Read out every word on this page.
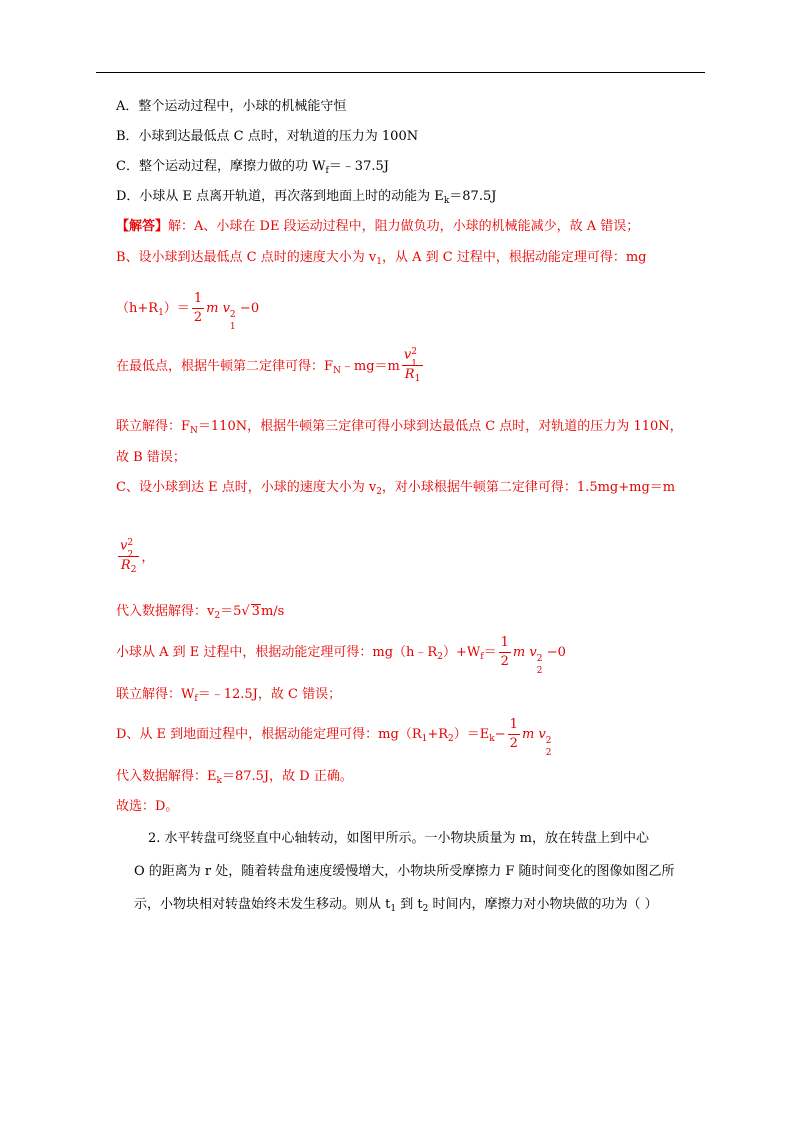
A．整个运动过程中，小球的机械能守恒
B．小球到达最低点 C 点时，对轨道的压力为 100N
C．整个运动过程，摩擦力做的功 $W_f=﹣37.5J$
D．小球从 E 点离开轨道，再次落到地面上时的动能为 $E_k=87.5J$
【解答】解：A、小球在 DE 段运动过程中，阻力做负功，小球的机械能减少，故 A 错误；
B、设小球到达最低点 C 点时的速度大小为 $v_1$，从 A 到 C 过程中，根据动能定理可得：mg
$(h+R_1)= \frac{1}{2}$ m v 2
1
−0
在最低点，根据牛顿第二定律可得：$F_N﹣mg=m$ v 2
1
$R_1$
联立解得：$F_N=110N$，根据牛顿第三定律可得小球到达最低点 C 点时，对轨道的压力为 110N，
故 B 错误；
C、设小球到达 E 点时，小球的速度大小为 $v_2$，对小球根据牛顿第二定律可得：1.5mg+mg＝m
v 2
2
$R_2$ ，
代入数据解得：$v_2=5√$ 3m/s
小球从 A 到 E 过程中，根据动能定理可得：$mg(h﹣R_2)+W_f= \frac{1}{2}$ m v 2
2
−0
联立解得：$W_f=﹣12.5J$，故 C 错误；
D、从 E 到地面过程中，根据动能定理可得：$mg(R_1+R_2)=E_k- \frac{1}{2}$ m v 2
2
代入数据解得：$E_k=87.5J$，故 D 正确。
故选：D。
2. 水平转盘可绕竖直中心轴转动，如图甲所示。一小物块质量为 m，放在转盘上到中心
O 的距离为 r 处，随着转盘角速度缓慢增大，小物块所受摩擦力 F 随时间变化的图像如图乙所
示，小物块相对转盘始终未发生移动。则从 $t_1$ 到 $t_2$ 时间内，摩擦力对小物块做的功为（ ）
